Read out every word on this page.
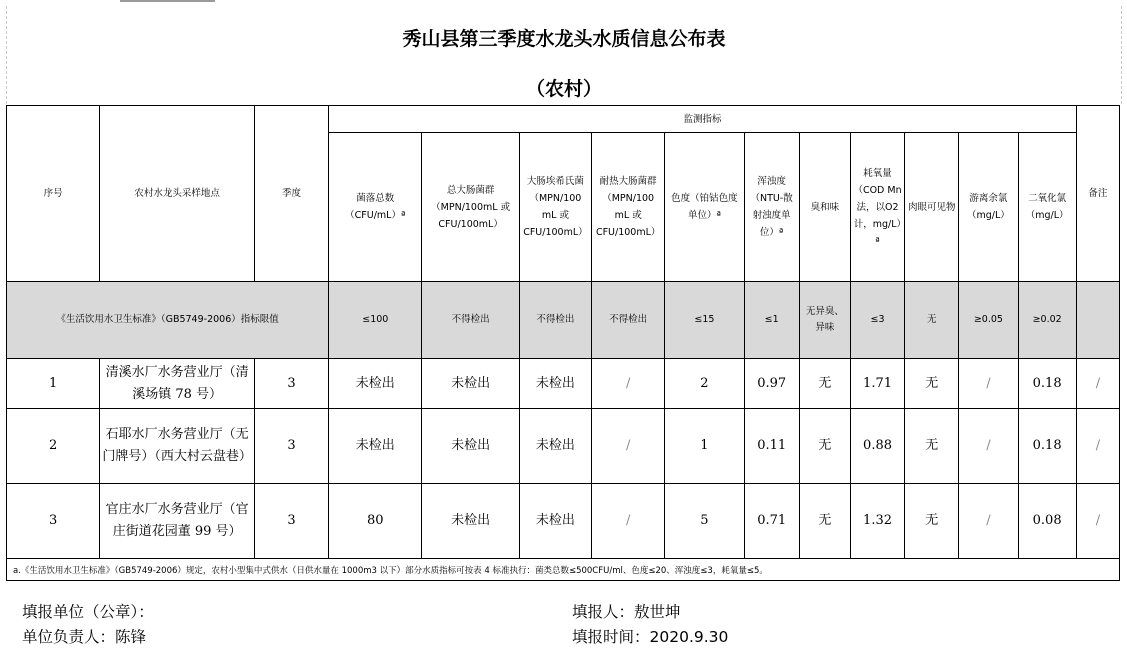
秀山县第三季度水龙头水质信息公布表
（农村）
序号	农村水龙头采样地点	季度	监测指标											备注
			菌落总数（CFU/mL）ª	总大肠菌群（MPN/100mL 或 CFU/100mL）	大肠埃希氏菌（MPN/100 mL 或 CFU/100mL）	耐热大肠菌群（MPN/100 mL 或 CFU/100mL）	色度（铂钴色度单位）ª	浑浊度（NTU-散射浊度单位）ª	臭和味	耗氧量（COD Mn法，以O2计，mg/L）ª	肉眼可见物	游离余氯（mg/L）	二氧化氯（mg/L）	
《生活饮用水卫生标准》（GB5749-2006）指标限值			≤100	不得检出	不得检出	不得检出	≤15	≤1	无异臭、异味	≤3	无	≥0.05	≥0.02	
1	清溪水厂水务营业厅（清溪场镇 78 号）	3	未检出	未检出	未检出	/	2	0.97	无	1.71	无	/	0.18	/
2	石耶水厂水务营业厅（无门牌号）（西大村云盘巷）	3	未检出	未检出	未检出	/	1	0.11	无	0.88	无	/	0.18	/
3	官庄水厂水务营业厅（官庄街道花园董 99 号）	3	80	未检出	未检出	/	5	0.71	无	1.32	无	/	0.08	/
a.《生活饮用水卫生标准》（GB5749-2006）规定，农村小型集中式供水（日供水量在 1000m3 以下）部分水质指标可按表 4 标准执行：菌类总数≤500CFU/ml、色度≤20、浑浊度≤3，耗氧量≤5。														
填报单位（公章）：	填报人：敖世坤
单位负责人：陈锋	填报时间：2020.9.30
